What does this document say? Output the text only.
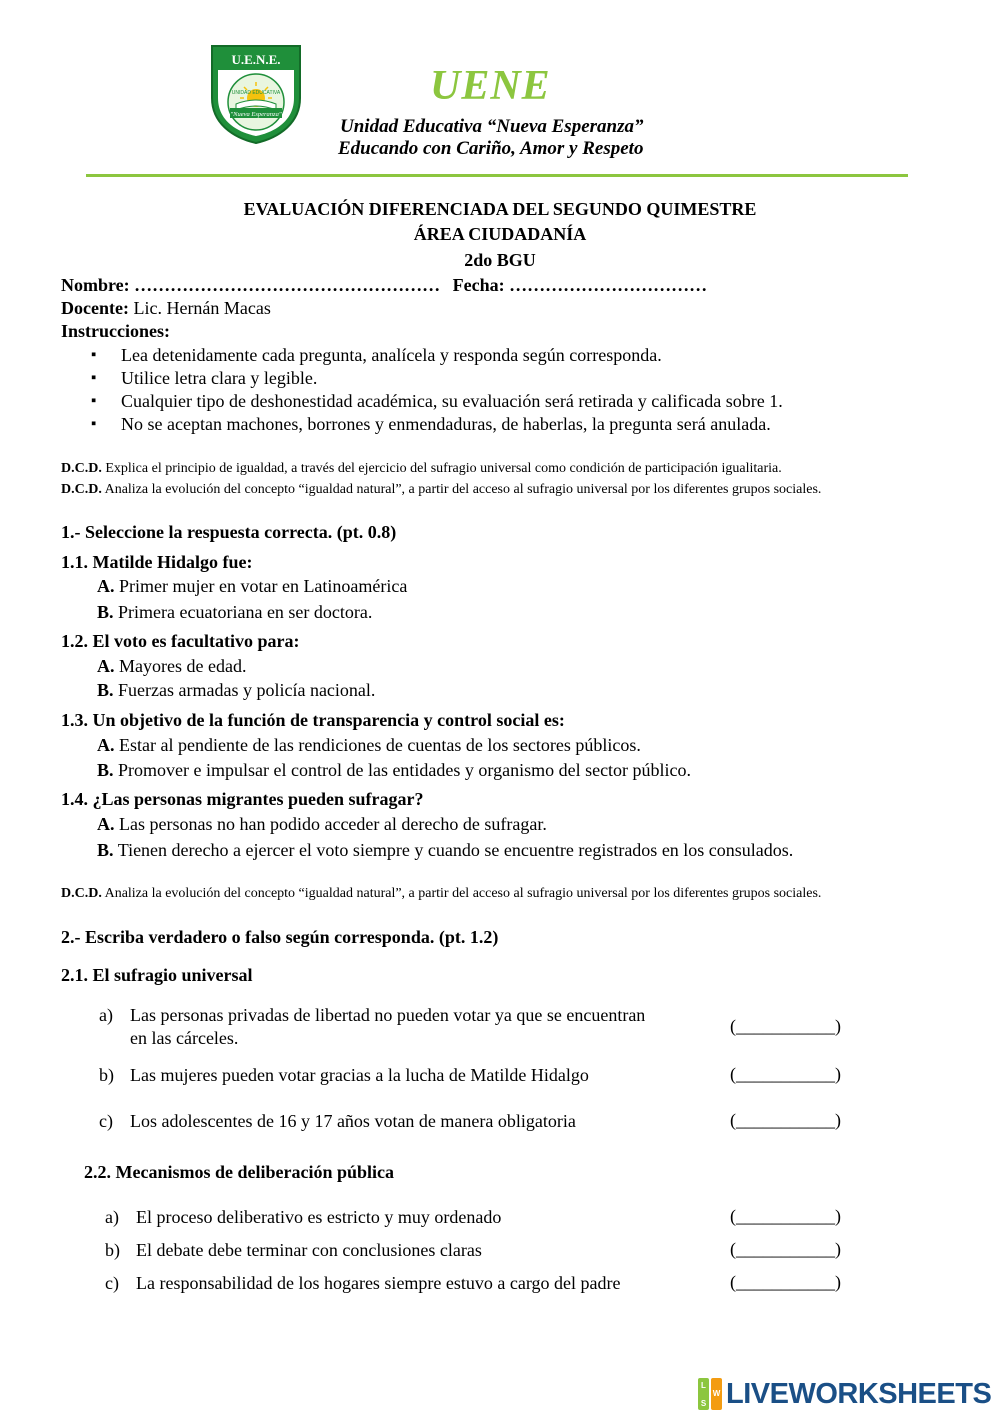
U.E.N.E.
UNIDAD EDUCATIVA
"Nueva Esperanza"
UENE
Unidad Educativa “Nueva Esperanza”
Educando con Cariño, Amor y Respeto
EVALUACIÓN DIFERENCIADA DEL SEGUNDO QUIMESTRE
ÁREA CIUDADANÍA
2do BGU
Nombre: …………………………………………… Fecha: ……………………………
Docente: Lic. Hernán Macas
Instrucciones:
▪ Lea detenidamente cada pregunta, analícela y responda según corresponda.
▪ Utilice letra clara y legible.
▪ Cualquier tipo de deshonestidad académica, su evaluación será retirada y calificada sobre 1.
▪ No se aceptan machones, borrones y enmendaduras, de haberlas, la pregunta será anulada.
D.C.D. Explica el principio de igualdad, a través del ejercicio del sufragio universal como condición de participación igualitaria.
D.C.D. Analiza la evolución del concepto “igualdad natural”, a partir del acceso al sufragio universal por los diferentes grupos sociales.
1.- Seleccione la respuesta correcta. (pt. 0.8)
1.1. Matilde Hidalgo fue:
A. Primer mujer en votar en Latinoamérica
B. Primera ecuatoriana en ser doctora.
1.2. El voto es facultativo para:
A. Mayores de edad.
B. Fuerzas armadas y policía nacional.
1.3. Un objetivo de la función de transparencia y control social es:
A. Estar al pendiente de las rendiciones de cuentas de los sectores públicos.
B. Promover e impulsar el control de las entidades y organismo del sector público.
1.4. ¿Las personas migrantes pueden sufragar?
A. Las personas no han podido acceder al derecho de sufragar.
B. Tienen derecho a ejercer el voto siempre y cuando se encuentre registrados en los consulados.
D.C.D. Analiza la evolución del concepto “igualdad natural”, a partir del acceso al sufragio universal por los diferentes grupos sociales.
2.- Escriba verdadero o falso según corresponda. (pt. 1.2)
2.1. El sufragio universal
a) Las personas privadas de libertad no pueden votar ya que se encuentran en las cárceles.
(___________)
b) Las mujeres pueden votar gracias a la lucha de Matilde Hidalgo	(___________)
c) Los adolescentes de 16 y 17 años votan de manera obligatoria	(___________)
2.2. Mecanismos de deliberación pública
a) El proceso deliberativo es estricto y muy ordenado	(___________)
b) El debate debe terminar con conclusiones claras	(___________)
c) La responsabilidad de los hogares siempre estuvo a cargo del padre	(___________)
L
W
S LIVEWORKSHEETS
